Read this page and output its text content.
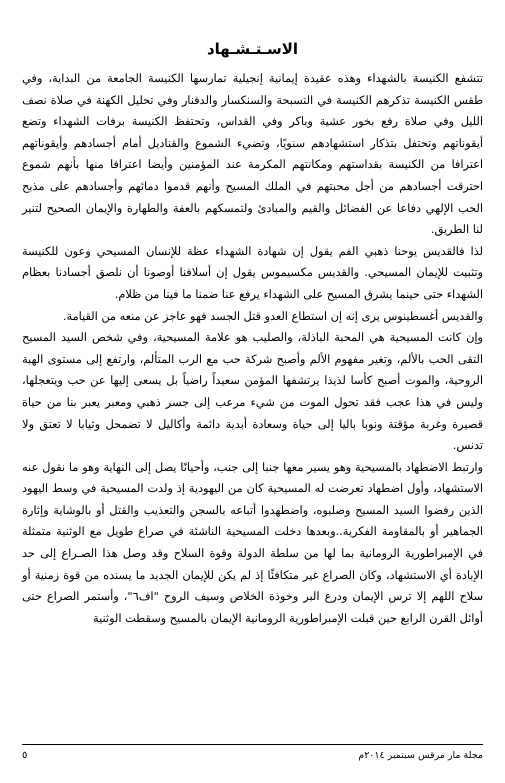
الاسـتـشـهاد

تتشفع الكنيسة بالشهداء وهذه عقيدة إيمانية إنجيلية تمارسها الكنيسة الجامعة من البداية، وفي طقس الكنيسة تذكرهم الكنيسة في التسبحة والسنكسار والدفنار وفي تحليل الكهنة في صلاة نصف الليل وفي صلاة رفع بخور عشية وباكر وفي القداس، وتحتفظ الكنيسة برفات الشهداء وتضع أيقوناتهم وتحتفل بتذكار استشهادهم سنويًا، وتضيء الشموع والقناديل أمام أجسادهم وأيقوناتهم اعترافا من الكنيسة بقداستهم ومكانتهم المكرمة عند المؤمنين وأيضا اعترافا منها بأنهم شموع احترقت أجسادهم من أجل محبتهم في الملك المسيح وأنهم قدموا دمائهم وأجسادهم على مذبح الحب الإلهي دفاعا عن الفضائل والقيم والمبادئ ولتمسكهم بالعفة والطهارة والإيمان الصحيح لتنير لنا الطريق.

لذا فالقديس يوحنا ذهبي الفم يقول إن شهادة الشهداء عظة للإنسان المسيحي وعون للكنيسة وتثبيت للإيمان المسيحي. والقديس مكسيموس يقول إن أسلافنا أوصونا أن نلصق أجسادنا بعظام الشهداء حتى حينما يشرق المسيح على الشهداء يرفع عنا ضمنا ما فينا من ظلام.

والقديس أغسطينوس يرى إنه إن استطاع العدو قتل الجسد فهو عاجز عن منعه من القيامة.

وإن كانت المسيحية هي المحبة الباذلة، والصليب هو علامة المسيحية، وفي شخص السيد المسيح التقى الحب بالألم، وتغير مفهوم الألم وأصبح شركة حب مع الرب المتألم، وارتفع إلى مستوى الهبة الروحية، والموت أصبح كأسا لذيذا يرتشفها المؤمن سعيداً راضياً بل يسعى إليها عن حب ويتعجلها، وليس في هذا عجب فقد تحول الموت من شيء مرعب إلى جسر ذهبي ومعبر يعبر بنا من حياة قصيرة وغربة مؤقتة ونوبا باليا إلى حياة وسعادة أبدية دائمة وأكاليل لا تضمحل وثيابا لا تعتق ولا تدنس.

وارتبط الاضطهاد بالمسيحية وهو يسير معها جنبا إلى جنب، وأحيانًا يصل إلى النهاية وهو ما نقول عنه الاستشهاد، وأول اضطهاد تعرضت له المسيحية كان من اليهودية إذ ولدت المسيحية في وسط اليهود الذين رفضوا السيد المسيح وصلبوه، واضطهدوا أتباعه بالسجن والتعذيب والقتل أو بالوشاية وإثارة الجماهير أو بالمقاومة الفكرية..وبعدها دخلت المسيحية الناشئة في صراع طويل مع الوثنية متمثلة في الإمبراطورية الرومانية بما لها من سلطة الدولة وقوة السلاح وقد وصل هذا الصـراع إلى حد الإبادة أي الاستشهاد، وكان الصراع غير متكافئًا إذ لم يكن للإيمان الجديد ما يسنده من قوة زمنية أو سلاح اللهم إلا ترس الإيمان ودرع البر وخوذة الخلاص وسيف الروح "اف٦"، وأستمر الصراع حتى أوائل القرن الرابع حين قبلت الإمبراطورية الرومانية الإيمان بالمسيح وسقطت الوثنية

٥	مجلة مار مرقس سبتمبر ٢٠١٤م
